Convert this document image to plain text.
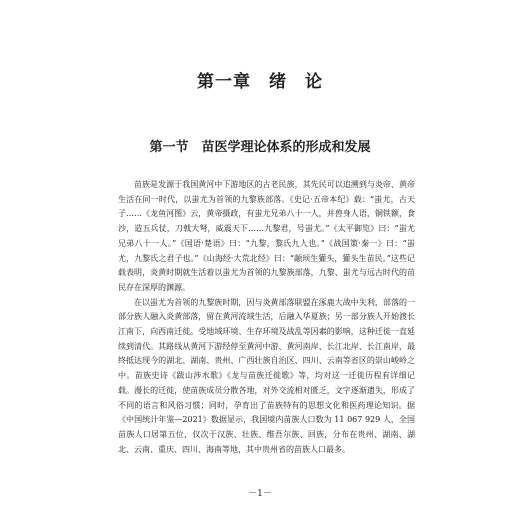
第一章　绪　论
第一节　苗医学理论体系的形成和发展

苗族是发源于我国黄河中下游地区的古老民族，其先民可以追溯到与炎帝、黄帝生活在同一时代，以蚩尤为首领的九黎族部落。《史记·五帝本纪》载：“蚩尤，古天子……《龙鱼河图》云，黄帝摄政，有蚩尤兄弟八十一人，并兽身人语，铜铁额，食沙，造五兵仗，刀戟大弩，威震天下……九黎君，号蚩尤。”《太平御览》曰：“蚩尤兄弟八十一人。”《国语·楚语》曰：“九黎，黎氏九人也。”《战国策·秦一》曰：“蚩尤，九黎氏之君子也。”《山海经·大荒北经》曰：“颛顼生獾头，獾头生苗民。”这些记载表明，炎黄时期就生活着以蚩尤为首领的九黎族部落，九黎、蚩尤与远古时代的苗民存在深厚的渊源。

在以蚩尤为首领的九黎族时期，因与炎黄部落联盟在涿鹿大战中失利，部落的一部分族人融入炎黄部落，留在黄河流域生活，后融入华夏族；另一部分族人开始渡长江南下，向西南迁徙。受地域环境、生存环境及战乱等因素的影响，这种迁徙一直延续到清代。其路线从黄河下游经停至黄河中游、黄河南岸、长江北岸、长江南岸，最终抵达现今的湖北、湖南、贵州、广西壮族自治区、四川、云南等省区的崇山峻岭之中。苗族史诗《跋山涉水歌》《龙与苗族迁徙歌》等，均对这一迁徙历程有详细记载。漫长的迁徙，使苗族成员分散各地，对外交流相对匮乏，文字逐渐遗失，形成了不同的语言和风俗习惯；同时，孕育出了苗族特有的思想文化和医药理论知识。据《中国统计年鉴—2021》数据显示，我国境内苗族人口数为 11 067 929 人，全国苗族人口居第五位，仅次于汉族、壮族、维吾尔族、回族，分布在贵州、湖南、湖北、云南、重庆、四川、海南等地，其中贵州省的苗族人口最多。

－1－
